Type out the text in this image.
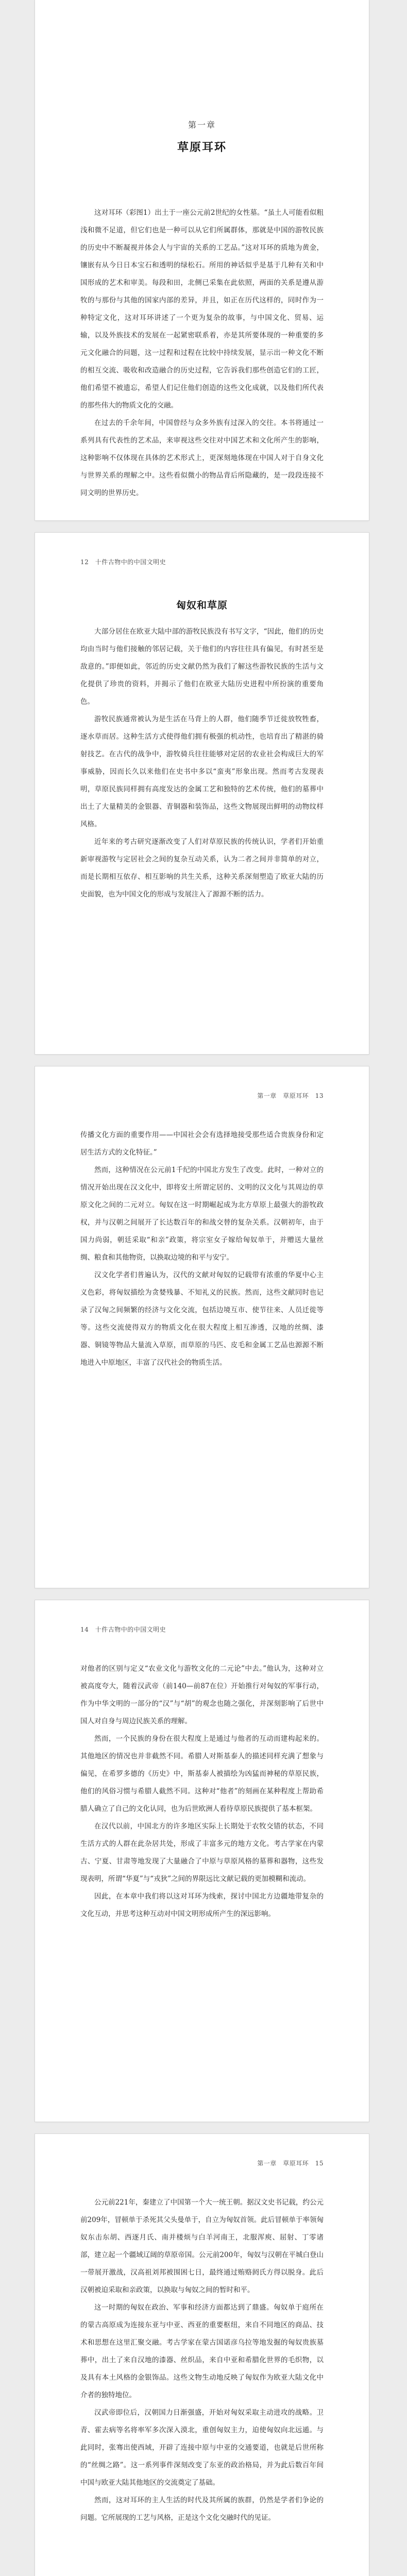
第一章
草原耳环

这对耳环（彩图1）出土于一座公元前2世纪的女性墓。“虽土人可能看似粗浅和微不足道，但它们也是一种可以从它们所属群体，那就是中国的游牧民族的历史中不断凝视并体会人与宇宙的关系的工艺品。”这对耳环的质地为黄金，镶嵌有从今日日本宝石和透明的绿松石。所用的神话似乎是基于几种有关和中国形成的艺术和审美。每段和田，北侧已采集在此依照，两面的关系是遵从游牧的与那份与其他的国家内部的差异，并且，如正在历代这样的，同时作为一种特定文化，这对耳环讲述了一个更为复杂的故事，与中国文化、贸易、运输，以及外族技术的发展在一起紧密联系着，亦是其所要体现的一种重要的多元文化融合的问题，这一过程和过程在比较中持续发展，显示出一种文化不断的相互交流、吸收和改造融合的历史过程，它告诉我们那些创造它们的工匠，他们希望不被遗忘，希望人们记住他们创造的这些文化成就，以及他们所代表的那些伟大的物质文化的交融。

在过去的千余年间，中国曾经与众多外族有过深入的交往。本书将通过一系列具有代表性的艺术品，来审视这些交往对中国艺术和文化所产生的影响，这种影响不仅体现在具体的艺术形式上，更深刻地体现在中国人对于自身文化与世界关系的理解之中。这些看似微小的物品背后所隐藏的，是一段段连接不同文明的世界历史。

12　十件古物中的中国文明史
匈奴和草原

大部分居住在欧亚大陆中部的游牧民族没有书写文字，“因此，他们的历史均由当时与他们接触的邻居记载，关于他们的内容往往具有偏见，有时甚至是敌意的。”即便如此，邻近的历史文献仍然为我们了解这些游牧民族的生活与文化提供了珍贵的资料，并揭示了他们在欧亚大陆历史进程中所扮演的重要角色。

游牧民族通常被认为是生活在马背上的人群，他们随季节迁徙放牧牲畜，逐水草而居。这种生活方式使得他们拥有极强的机动性，也培育出了精湛的骑射技艺。在古代的战争中，游牧骑兵往往能够对定居的农业社会构成巨大的军事威胁，因而长久以来他们在史书中多以“蛮夷”形象出现。然而考古发现表明，草原民族同样拥有高度发达的金属工艺和独特的艺术传统，他们的墓葬中出土了大量精美的金银器、青铜器和装饰品，这些文物展现出鲜明的动物纹样风格。

近年来的考古研究逐渐改变了人们对草原民族的传统认识，学者们开始重新审视游牧与定居社会之间的复杂互动关系，认为二者之间并非简单的对立，而是长期相互依存、相互影响的共生关系，这种关系深刻塑造了欧亚大陆的历史面貌，也为中国文化的形成与发展注入了源源不断的活力。

第一章　草原耳环　13

传播文化方面的重要作用——中国社会会有选择地接受那些适合贵族身份和定居生活方式的文化特征。”

然而，这种情况在公元前1千纪的中国北方发生了改变。此时，一种对立的情况开始出现在汉文化中，即将安土所谓定居的、文明的汉文化与其周边的草原文化之间的二元对立。匈奴在这一时期崛起成为北方草原上最强大的游牧政权，并与汉朝之间展开了长达数百年的和战交替的复杂关系。汉朝初年，由于国力尚弱，朝廷采取“和亲”政策，将宗室女子嫁给匈奴单于，并赠送大量丝绸、粮食和其他物资，以换取边境的和平与安宁。

汉文化学者们普遍认为，汉代的文献对匈奴的记载带有浓重的华夏中心主义色彩，将匈奴描绘为贪婪残暴、不知礼义的民族。然而，这些文献同时也记录了汉匈之间频繁的经济与文化交流，包括边境互市、使节往来、人员迁徙等等。这些交流使得双方的物质文化在很大程度上相互渗透，汉地的丝绸、漆器、铜镜等物品大量流入草原，而草原的马匹、皮毛和金属工艺品也源源不断地进入中原地区，丰富了汉代社会的物质生活。

14　十件古物中的中国文明史

对他者的区别与定义“农业文化与游牧文化的二元论”中去。”他认为，这种对立被高度夸大，随着汉武帝（前140—前87在位）开始推行对匈奴的军事行动，作为中华文明的一部分的“汉”与“胡”的观念也随之强化，并深刻影响了后世中国人对自身与周边民族关系的理解。

然而，一个民族的身份在很大程度上是通过与他者的互动而建构起来的。其他地区的情况也并非截然不同。希腊人对斯基泰人的描述同样充满了想象与偏见，在希罗多德的《历史》中，斯基泰人被描绘为凶猛而神秘的草原民族，他们的风俗习惯与希腊人截然不同。这种对“他者”的刻画在某种程度上帮助希腊人确立了自己的文化认同，也为后世欧洲人看待草原民族提供了基本框架。

在汉代以前，中国北方的许多地区实际上长期处于农牧交错的状态，不同生活方式的人群在此杂居共处，形成了丰富多元的地方文化。考古学家在内蒙古、宁夏、甘肃等地发现了大量融合了中原与草原风格的墓葬和器物，这些发现表明，所谓“华夏”与“戎狄”之间的界限远比文献记载的更加模糊和流动。

因此，在本章中我们将以这对耳环为线索，探讨中国北方边疆地带复杂的文化互动，并思考这种互动对中国文明形成所产生的深远影响。

第一章　草原耳环　15

公元前221年，秦建立了中国第一个大一统王朝。据汉文史书记载，约公元前209年，冒顿单于杀死其父头曼单于，自立为匈奴首领。此后冒顿单于率领匈奴东击东胡、西逐月氏、南并楼烦与白羊河南王，北服浑庾、屈射、丁零诸部，建立起一个疆域辽阔的草原帝国。公元前200年，匈奴与汉朝在平城白登山一带展开激战，汉高祖刘邦被围困七日，最终通过贿赂阏氏方得以脱身。此后汉朝被迫采取和亲政策，以换取与匈奴之间的暂时和平。

这一时期的匈奴在政治、军事和经济方面都达到了鼎盛。匈奴单于庭所在的蒙古高原成为连接东亚与中亚、西亚的重要枢纽，来自不同地区的商品、技术和思想在这里汇聚交融。考古学家在蒙古国诺彦乌拉等地发掘的匈奴贵族墓葬中，出土了来自汉地的漆器、丝织品，来自中亚和希腊化世界的毛织物，以及具有本土风格的金银饰品。这些文物生动地反映了匈奴作为欧亚大陆文化中介者的独特地位。

汉武帝即位后，汉朝国力日渐强盛，开始对匈奴采取主动进攻的战略。卫青、霍去病等名将率军多次深入漠北，重创匈奴主力，迫使匈奴向北远遁。与此同时，张骞出使西域，开辟了连接中原与中亚的交通要道，也就是后世所称的“丝绸之路”。这一系列事件深刻改变了东亚的政治格局，并为此后数百年间中国与欧亚大陆其他地区的交流奠定了基础。

然而，这对耳环的主人生活的时代及其所属的族群，仍然是学者们争论的问题。它所展现的工艺与风格，正是这个文化交融时代的见证。
